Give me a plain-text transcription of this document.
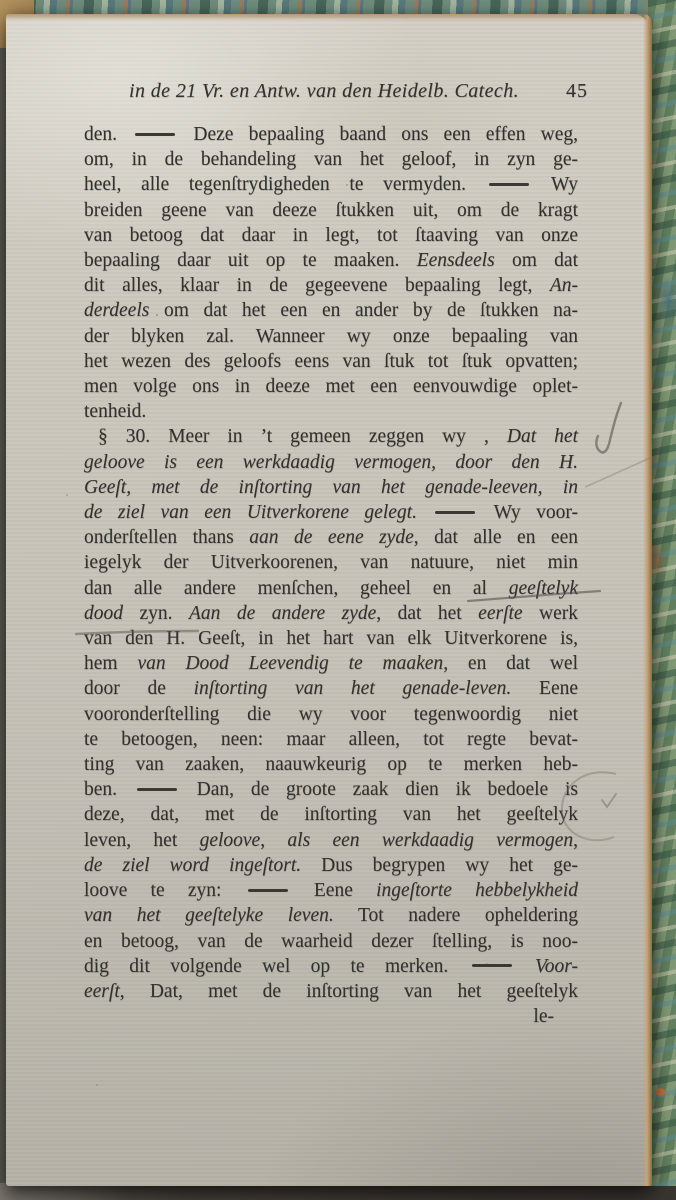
in de 21 Vr. en Antw. van den Heidelb. Catech.	45
den.  Deze bepaaling baand ons een effen weg,
om, in de behandeling van het geloof, in zyn ge-
heel, alle tegenſtrydigheden te vermyden.  Wy
breiden geene van deeze ſtukken uit, om de kragt
van betoog dat daar in legt, tot ſtaaving van onze
bepaaling daar uit op te maaken. Eensdeels om dat
dit alles, klaar in de gegeevene bepaaling legt, An-
derdeels om dat het een en ander by de ſtukken na-
der blyken zal. Wanneer wy onze bepaaling van
het wezen des geloofs eens van ſtuk tot ſtuk opvatten;
men volge ons in deeze met een eenvouwdige oplet-
tenheid.
§ 30. Meer in ’t gemeen zeggen wy , Dat het
geloove is een werkdaadig vermogen, door den H.
Geeſt, met de inſtorting van het genade-leeven, in
de ziel van een Uitverkorene gelegt.  Wy voor-
onderſtellen thans aan de eene zyde, dat alle en een
iegelyk der Uitverkoorenen, van natuure, niet min
dan alle andere menſchen, geheel en al geeſtelyk
dood zyn. Aan de andere zyde, dat het eerſte werk
van den H. Geeſt, in het hart van elk Uitverkorene is,
hem van Dood Leevendig te maaken, en dat wel
door de inſtorting van het genade-leven. Eene
vooronderſtelling die wy voor tegenwoordig niet
te betoogen, neen: maar alleen, tot regte bevat-
ting van zaaken, naauwkeurig op te merken heb-
ben.  Dan, de groote zaak dien ik bedoele is
deze, dat, met de inſtorting van het geeſtelyk
leven, het geloove, als een werkdaadig vermogen,
de ziel word ingeſtort. Dus begrypen wy het ge-
loove te zyn:  Eene ingeſtorte hebbelykheid
van het geeſtelyke leven. Tot nadere opheldering
en betoog, van de waarheid dezer ſtelling, is noo-
dig dit volgende wel op te merken.	Voor-
eerſt, Dat, met de inſtorting van het geeſtelyk
le-
